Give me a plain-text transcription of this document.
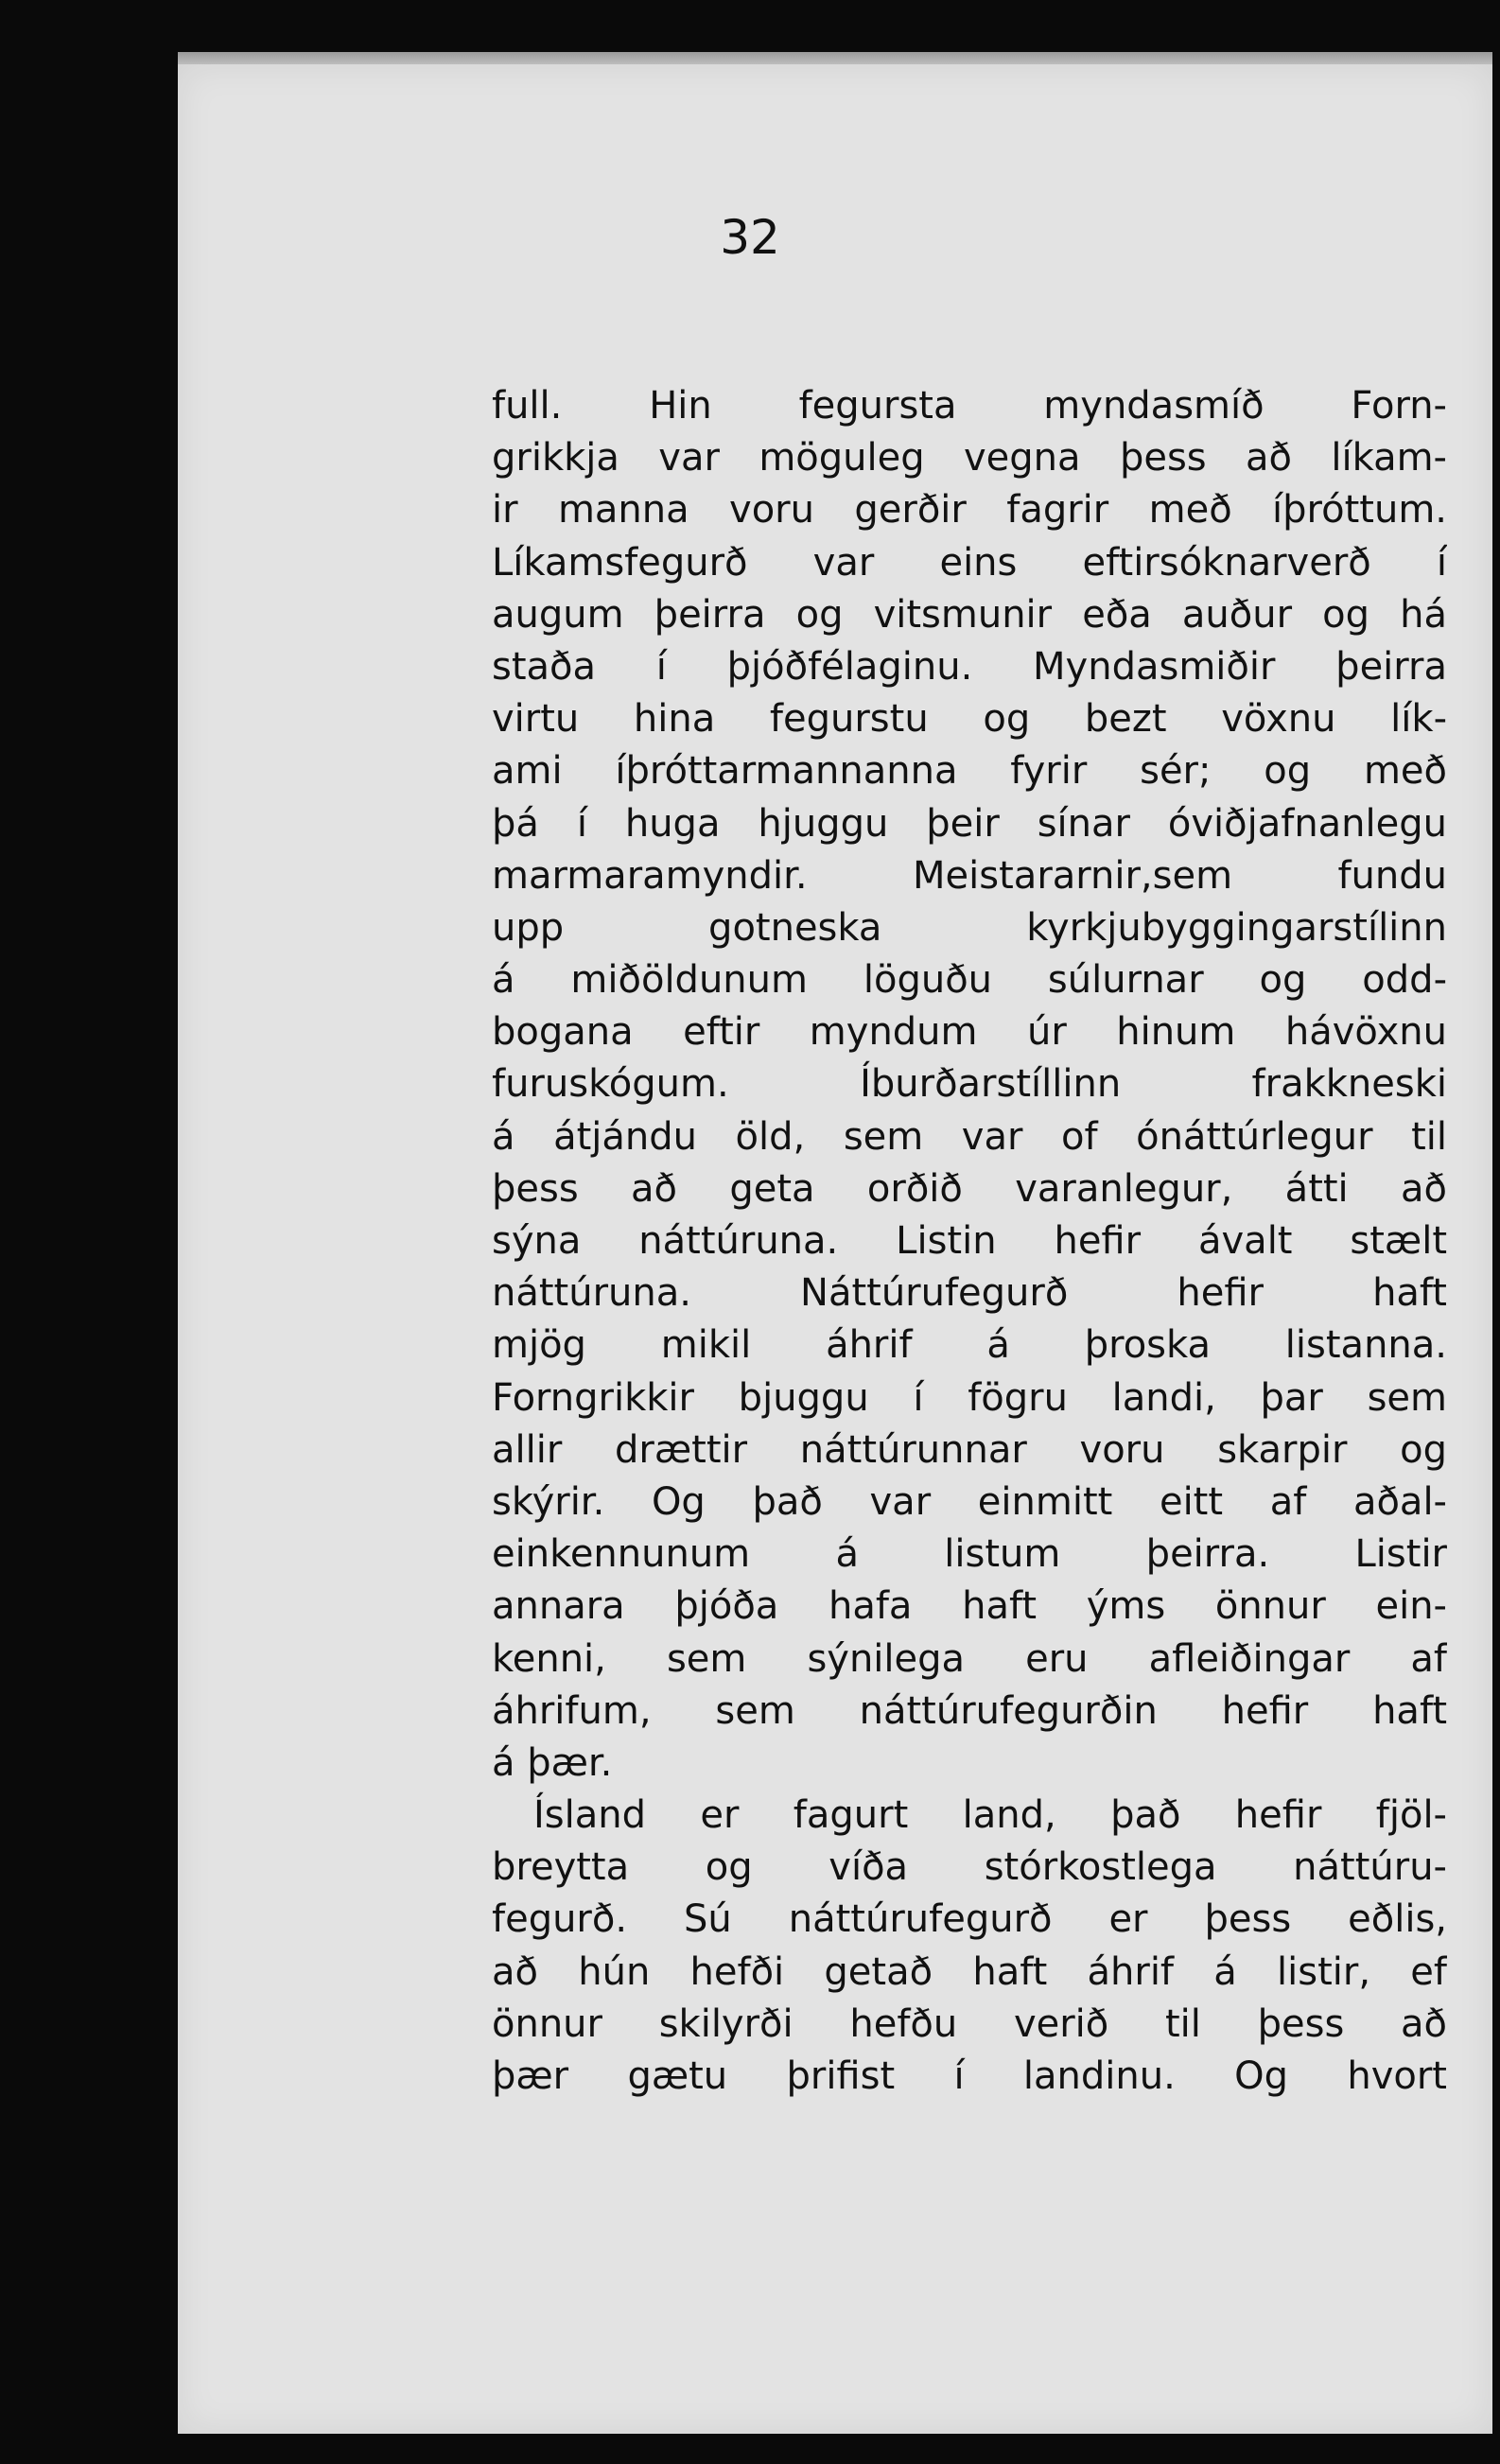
32
full. Hin fegursta myndasmíð Forn-
grikkja var möguleg vegna þess að líkam-
ir manna voru gerðir fagrir með íþróttum.
Líkamsfegurð var eins eftirsóknarverð í
augum þeirra og vitsmunir eða auður og há
staða í þjóðfélaginu. Myndasmiðir þeirra
virtu hina fegurstu og bezt vöxnu lík-
ami íþróttarmannanna fyrir sér; og með
þá í huga hjuggu þeir sínar óviðjafnanlegu
marmaramyndir. Meistararnir,sem fundu
upp gotneska kyrkjubyggingarstílinn
á miðöldunum löguðu súlurnar og odd-
bogana eftir myndum úr hinum hávöxnu
furuskógum. Íburðarstíllinn frakkneski
á átjándu öld, sem var of ónáttúrlegur til
þess að geta orðið varanlegur, átti að
sýna náttúruna. Listin hefir ávalt stælt
náttúruna. Náttúrufegurð hefir haft
mjög mikil áhrif á þroska listanna.
Forngrikkir bjuggu í fögru landi, þar sem
allir drættir náttúrunnar voru skarpir og
skýrir. Og það var einmitt eitt af aðal-
einkennunum á listum þeirra. Listir
annara þjóða hafa haft ýms önnur ein-
kenni, sem sýnilega eru afleiðingar af
áhrifum, sem náttúrufegurðin hefir haft
á þær.
Ísland er fagurt land, það hefir fjöl-
breytta og víða stórkostlega náttúru-
fegurð. Sú náttúrufegurð er þess eðlis,
að hún hefði getað haft áhrif á listir, ef
önnur skilyrði hefðu verið til þess að
þær gætu þrifist í landinu. Og hvort
